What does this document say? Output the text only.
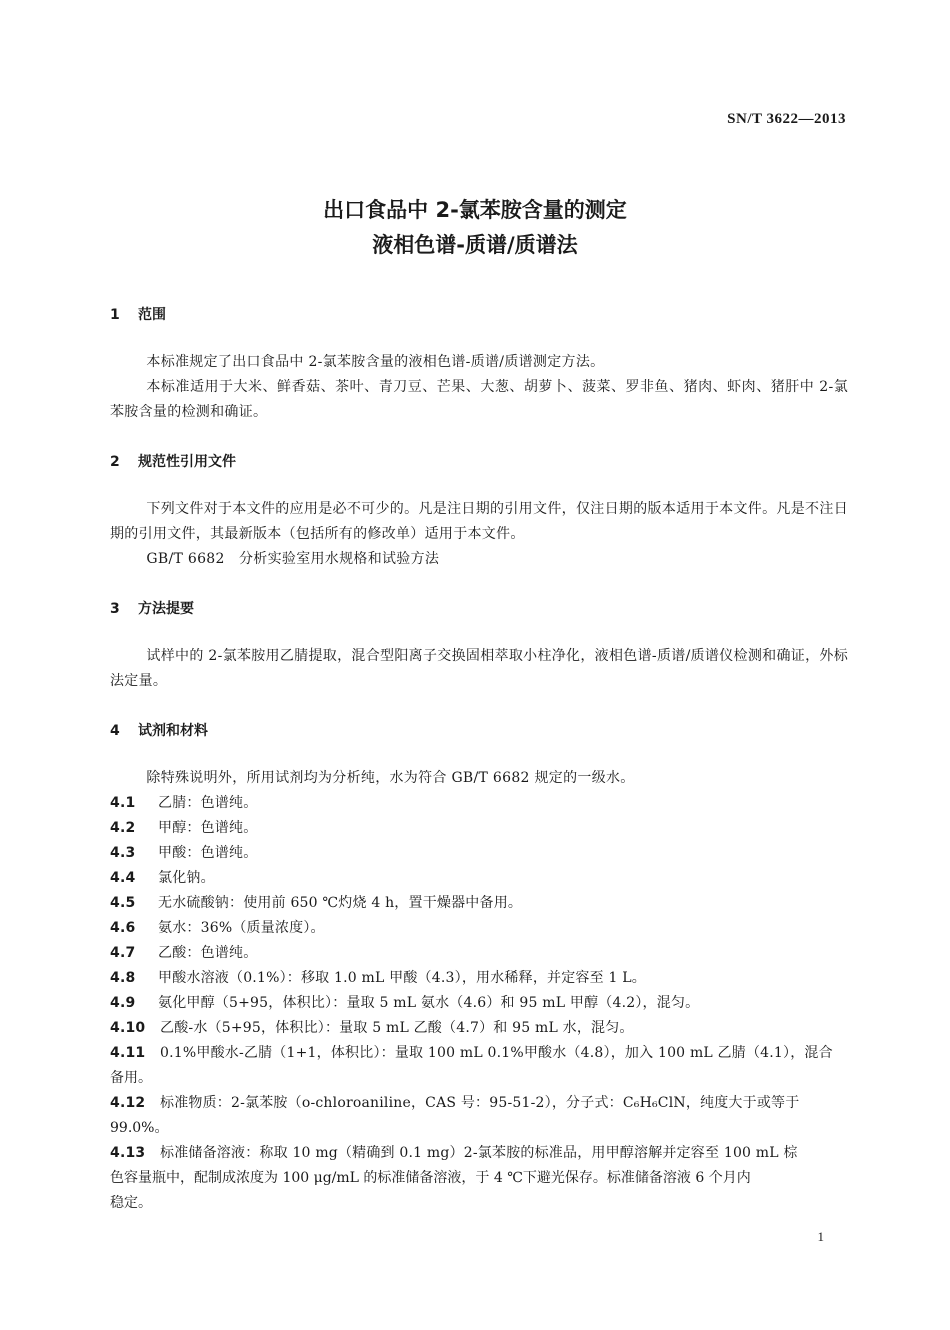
SN/T 3622—2013
出口食品中 2-氯苯胺含量的测定
液相色谱-质谱/质谱法
1 范围

本标准规定了出口食品中 2-氯苯胺含量的液相色谱-质谱/质谱测定方法。

本标准适用于大米、鲜香菇、茶叶、青刀豆、芒果、大葱、胡萝卜、菠菜、罗非鱼、猪肉、虾肉、猪肝中 2-氯苯胺含量的检测和确证。

2 规范性引用文件

下列文件对于本文件的应用是必不可少的。凡是注日期的引用文件，仅注日期的版本适用于本文件。凡是不注日期的引用文件，其最新版本（包括所有的修改单）适用于本文件。

GB/T 6682　分析实验室用水规格和试验方法

3 方法提要

试样中的 2-氯苯胺用乙腈提取，混合型阳离子交换固相萃取小柱净化，液相色谱-质谱/质谱仪检测和确证，外标法定量。

4 试剂和材料

除特殊说明外，所用试剂均为分析纯，水为符合 GB/T 6682 规定的一级水。

4.1 乙腈：色谱纯。
4.2 甲醇：色谱纯。
4.3 甲酸：色谱纯。
4.4 氯化钠。
4.5 无水硫酸钠：使用前 650 ℃灼烧 4 h，置干燥器中备用。
4.6 氨水：36%（质量浓度）。
4.7 乙酸：色谱纯。
4.8 甲酸水溶液（0.1%）：移取 1.0 mL 甲酸（4.3），用水稀释，并定容至 1 L。
4.9 氨化甲醇（5+95，体积比）：量取 5 mL 氨水（4.6）和 95 mL 甲醇（4.2），混匀。
4.10 乙酸-水（5+95，体积比）：量取 5 mL 乙酸（4.7）和 95 mL 水，混匀。
4.11 0.1%甲酸水-乙腈（1+1，体积比）：量取 100 mL 0.1%甲酸水（4.8），加入 100 mL 乙腈（4.1），混合
备用。
4.12 标准物质：2-氯苯胺（o-chloroaniline，CAS 号：95-51-2），分子式：C₆H₆ClN，纯度大于或等于
99.0%。
4.13 标准储备溶液：称取 10 mg（精确到 0.1 mg）2-氯苯胺的标准品，用甲醇溶解并定容至 100 mL 棕
色容量瓶中，配制成浓度为 100 μg/mL 的标准储备溶液，于 4 ℃下避光保存。标准储备溶液 6 个月内
稳定。
1
